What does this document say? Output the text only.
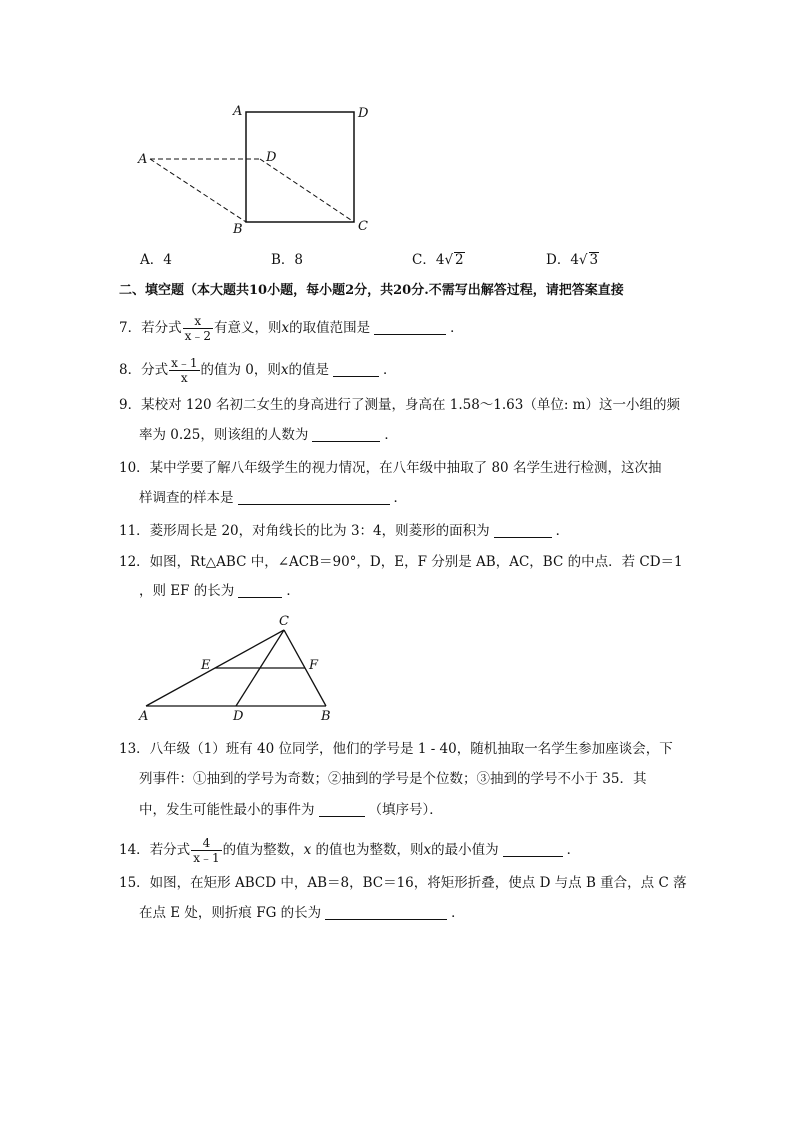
A	D
A	D
B	C
A．4	B．8	C．4√ 2	D．4√ 3
二、填空题（本大题共10小题，每小题2分，共20分.不需写出解答过程，请把答案直接
7．若分式 $\frac{x}{x﹣2}$ 有意义，则x的取值范围是	．
8．分式 $\frac{x﹣1}{x}$ 的值为 0，则x的值是	．
9．某校对 120 名初二女生的身高进行了测量，身高在 1.58～1.63（单位: m）这一小组的频
率为 0.25，则该组的人数为	．
10．某中学要了解八年级学生的视力情况，在八年级中抽取了 80 名学生进行检测，这次抽
样调查的样本是	．
11．菱形周长是 20，对角线长的比为 3：4，则菱形的面积为	．
12．如图，Rt△ABC 中，∠ACB＝90°，D，E，F 分别是 AB，AC，BC 的中点．若 CD＝1
，则 EF 的长为	．
C
E	F
A	D	B
13．八年级（1）班有 40 位同学，他们的学号是 1 - 40，随机抽取一名学生参加座谈会，下
列事件：①抽到的学号为奇数；②抽到的学号是个位数；③抽到的学号不小于 35．其
中，发生可能性最小的事件为	（填序号）．
14．若分式 $\frac{4}{x﹣1}$ 的值为整数，x 的值也为整数，则x的最小值为	．
15．如图，在矩形 ABCD 中，AB＝8，BC＝16，将矩形折叠，使点 D 与点 B 重合，点 C 落
在点 E 处，则折痕 FG 的长为	．
